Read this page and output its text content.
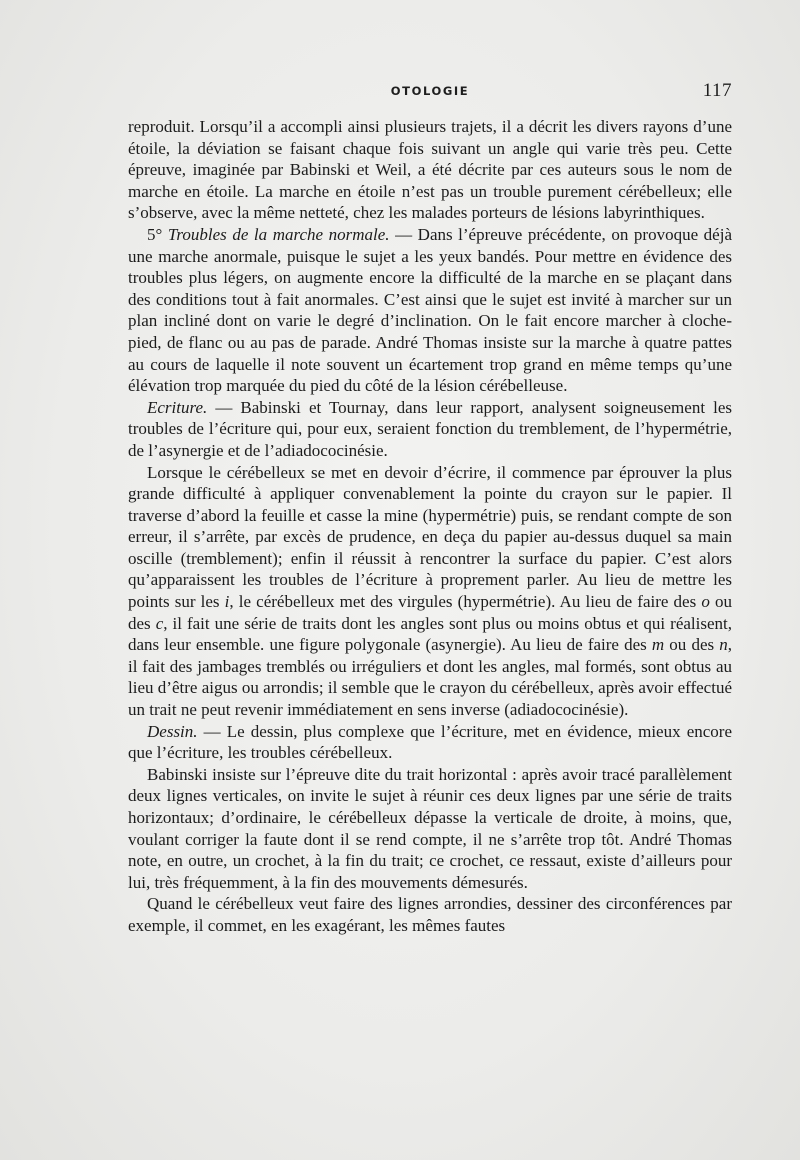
OTOLOGIE	117

reproduit. Lorsqu’il a accompli ainsi plusieurs trajets, il a décrit les divers rayons d’une étoile, la déviation se faisant chaque fois suivant un angle qui varie très peu. Cette épreuve, imaginée par Babinski et Weil, a été décrite par ces auteurs sous le nom de marche en étoile. La marche en étoile n’est pas un trouble purement cérébelleux; elle s’observe, avec la même netteté, chez les malades porteurs de lésions labyrinthiques.

5° Troubles de la marche normale. — Dans l’épreuve précédente, on provoque déjà une marche anormale, puisque le sujet a les yeux bandés. Pour mettre en évidence des troubles plus légers, on augmente encore la difficulté de la marche en se plaçant dans des conditions tout à fait anormales. C’est ainsi que le sujet est invité à marcher sur un plan incliné dont on varie le degré d’inclination. On le fait encore marcher à cloche-pied, de flanc ou au pas de parade. André Thomas insiste sur la marche à quatre pattes au cours de laquelle il note souvent un écartement trop grand en même temps qu’une élévation trop marquée du pied du côté de la lésion cérébelleuse.

Ecriture. — Babinski et Tournay, dans leur rapport, analysent soigneusement les troubles de l’écriture qui, pour eux, seraient fonction du tremblement, de l’hypermétrie, de l’asynergie et de l’adiadococinésie.

Lorsque le cérébelleux se met en devoir d’écrire, il commence par éprouver la plus grande difficulté à appliquer convenablement la pointe du crayon sur le papier. Il traverse d’abord la feuille et casse la mine (hypermétrie) puis, se rendant compte de son erreur, il s’arrête, par excès de prudence, en deça du papier au-dessus duquel sa main oscille (tremblement); enfin il réussit à rencontrer la surface du papier. C’est alors qu’apparaissent les troubles de l’écriture à proprement parler. Au lieu de mettre les points sur les i, le cérébelleux met des virgules (hypermétrie). Au lieu de faire des o ou des c, il fait une série de traits dont les angles sont plus ou moins obtus et qui réalisent, dans leur ensemble. une figure polygonale (asynergie). Au lieu de faire des m ou des n, il fait des jambages tremblés ou irréguliers et dont les angles, mal formés, sont obtus au lieu d’être aigus ou arrondis; il semble que le crayon du cérébelleux, après avoir effectué un trait ne peut revenir immédiatement en sens inverse (adiadococinésie).

Dessin. — Le dessin, plus complexe que l’écriture, met en évidence, mieux encore que l’écriture, les troubles cérébelleux.

Babinski insiste sur l’épreuve dite du trait horizontal : après avoir tracé parallèlement deux lignes verticales, on invite le sujet à réunir ces deux lignes par une série de traits horizontaux; d’ordinaire, le cérébelleux dépasse la verticale de droite, à moins, que, voulant corriger la faute dont il se rend compte, il ne s’arrête trop tôt. André Thomas note, en outre, un crochet, à la fin du trait; ce crochet, ce ressaut, existe d’ailleurs pour lui, très fréquemment, à la fin des mouvements démesurés.

Quand le cérébelleux veut faire des lignes arrondies, dessiner des circonférences par exemple, il commet, en les exagérant, les mêmes fautes
